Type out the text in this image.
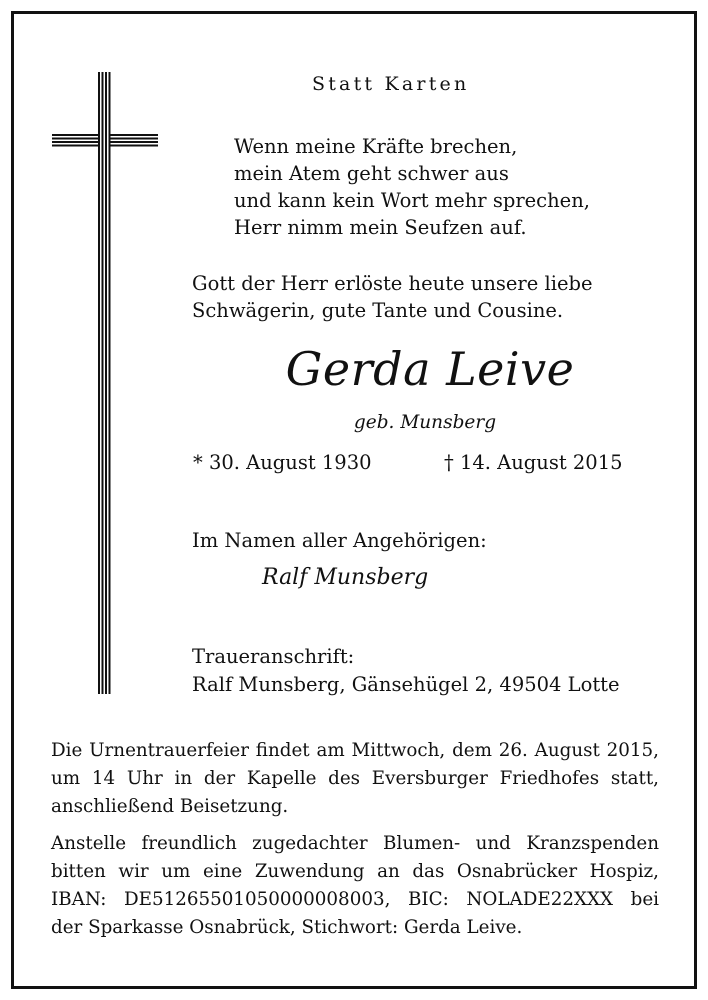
Statt Karten
Wenn meine Kräfte brechen,
mein Atem geht schwer aus
und kann kein Wort mehr sprechen,
Herr nimm mein Seufzen auf.
Gott der Herr erlöste heute unsere liebe
Schwägerin, gute Tante und Cousine.
Gerda Leive
geb. Munsberg
* 30. August 1930	† 14. August 2015
Im Namen aller Angehörigen:
Ralf Munsberg
Traueranschrift:
Ralf Munsberg, Gänsehügel 2, 49504 Lotte
Die Urnentrauerfeier findet am Mittwoch, dem 26. August 2015,
um 14 Uhr in der Kapelle des Eversburger Friedhofes statt,
anschließend Beisetzung.
Anstelle freundlich zugedachter Blumen- und Kranzspenden
bitten wir um eine Zuwendung an das Osnabrücker Hospiz,
IBAN: DE51265501050000008003, BIC: NOLADE22XXX bei
der Sparkasse Osnabrück, Stichwort: Gerda Leive.
